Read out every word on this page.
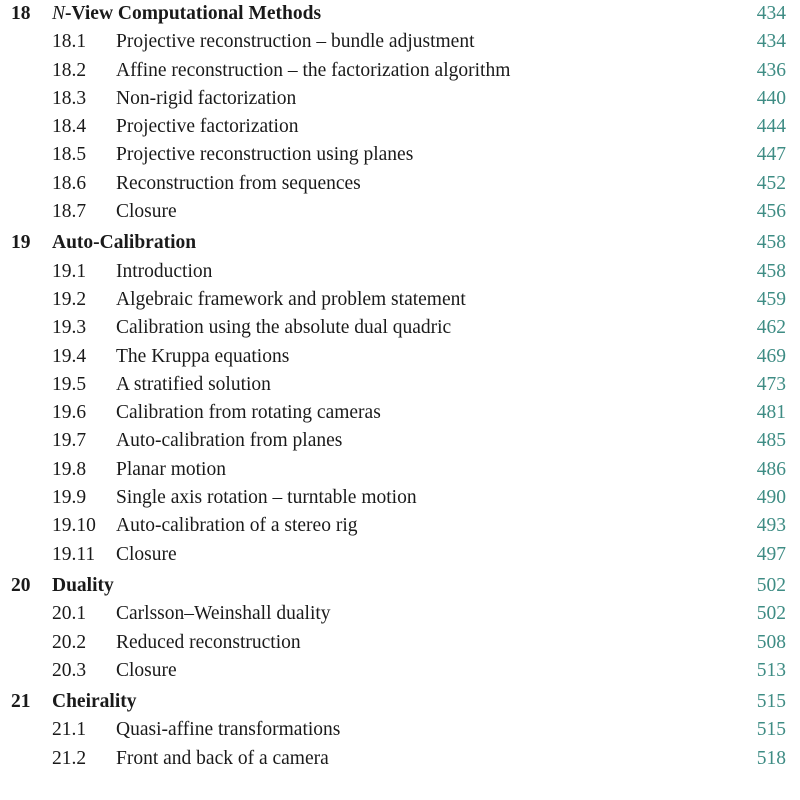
18 N-View Computational Methods	434
18.1 Projective reconstruction – bundle adjustment	434
18.2 Affine reconstruction – the factorization algorithm	436
18.3 Non-rigid factorization	440
18.4 Projective factorization	444
18.5 Projective reconstruction using planes	447
18.6 Reconstruction from sequences	452
18.7 Closure	456
19 Auto-Calibration	458
19.1 Introduction	458
19.2 Algebraic framework and problem statement	459
19.3 Calibration using the absolute dual quadric	462
19.4 The Kruppa equations	469
19.5 A stratified solution	473
19.6 Calibration from rotating cameras	481
19.7 Auto-calibration from planes	485
19.8 Planar motion	486
19.9 Single axis rotation – turntable motion	490
19.10 Auto-calibration of a stereo rig	493
19.11 Closure	497
20 Duality	502
20.1 Carlsson–Weinshall duality	502
20.2 Reduced reconstruction	508
20.3 Closure	513
21 Cheirality	515
21.1 Quasi-affine transformations	515
21.2 Front and back of a camera	518
